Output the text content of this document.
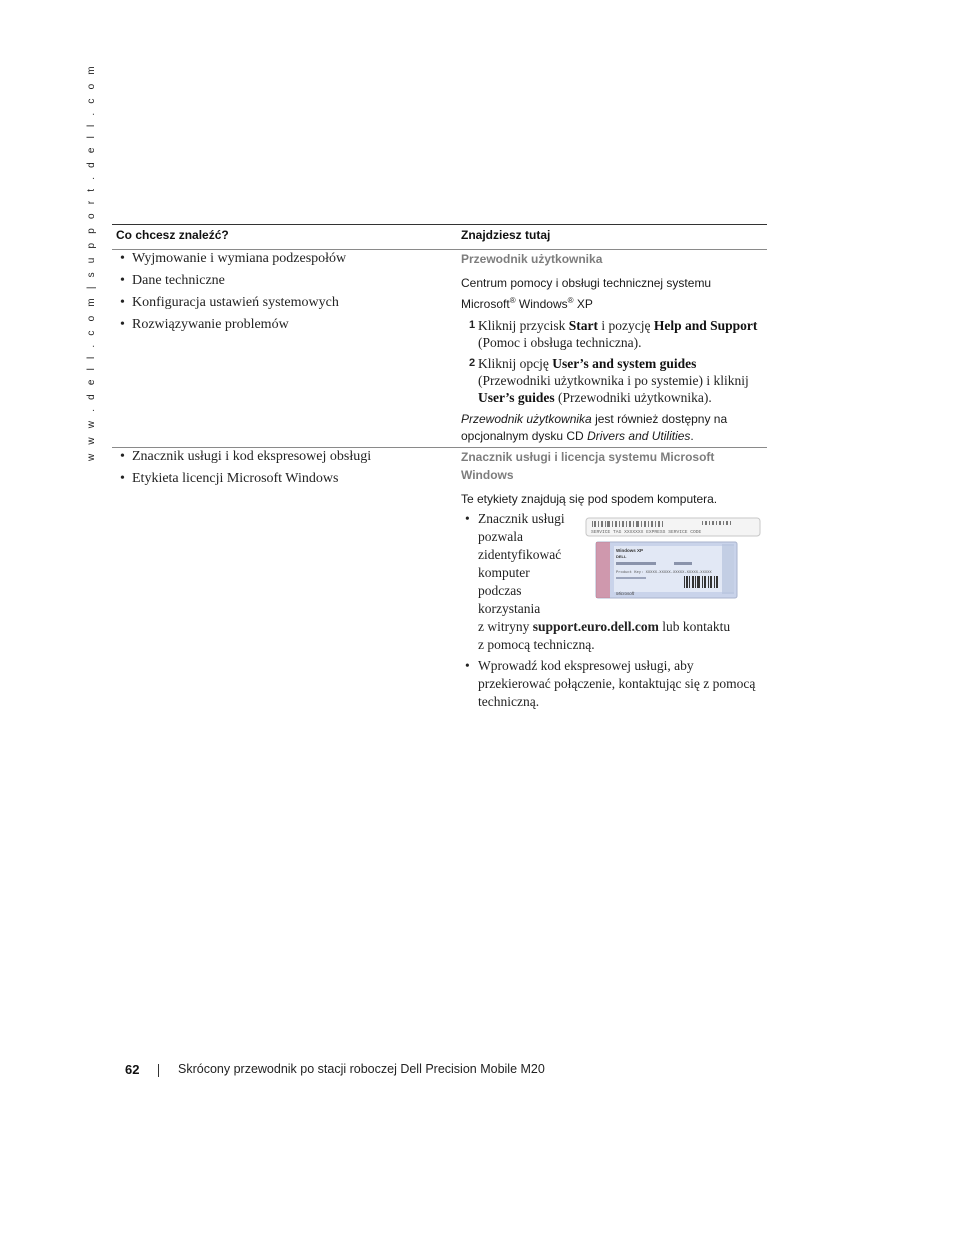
w w w . d e l l . c o m | s u p p o r t . d e l l . c o m Co chcesz znaleźć?	Znajdziesz tutaj
• Wyjmowanie i wymiana podzespołów
• Dane techniczne
• Konfiguracja ustawień systemowych
• Rozwiązywanie problemów
Przewodnik użytkownika
Centrum pomocy i obsługi technicznej systemu
Microsoft® Windows® XP
1 Kliknij przycisk Start i pozycję Help and Support
(Pomoc i obsługa techniczna).
2 Kliknij opcję User’s and system guides
(Przewodniki użytkownika i po systemie) i kliknij
User’s guides (Przewodniki użytkownika).
Przewodnik użytkownika jest również dostępny na
opcjonalnym dysku CD Drivers and Utilities.
• Znacznik usługi i kod ekspresowej obsługi
• Etykieta licencji Microsoft Windows
Znacznik usługi i licencja systemu Microsoft
Windows
Te etykiety znajdują się pod spodem komputera.
• Znacznik usługi
pozwala
zidentyfikować
komputer
podczas
korzystania
z witryny support.euro.dell.com lub kontaktu
z pomocą techniczną.
• Wprowadź kod ekspresowej usługi, aby
przekierować połączenie, kontaktując się z pomocą
techniczną.
SERVICE TAG XXXXXXX EXPRESS SERVICE CODE
Windows XP
DELL
Product Key: XXXXX-XXXXX-XXXXX-XXXXX-XXXXX
Microsoft
62	Skrócony przewodnik po stacji roboczej Dell Precision Mobile M20
